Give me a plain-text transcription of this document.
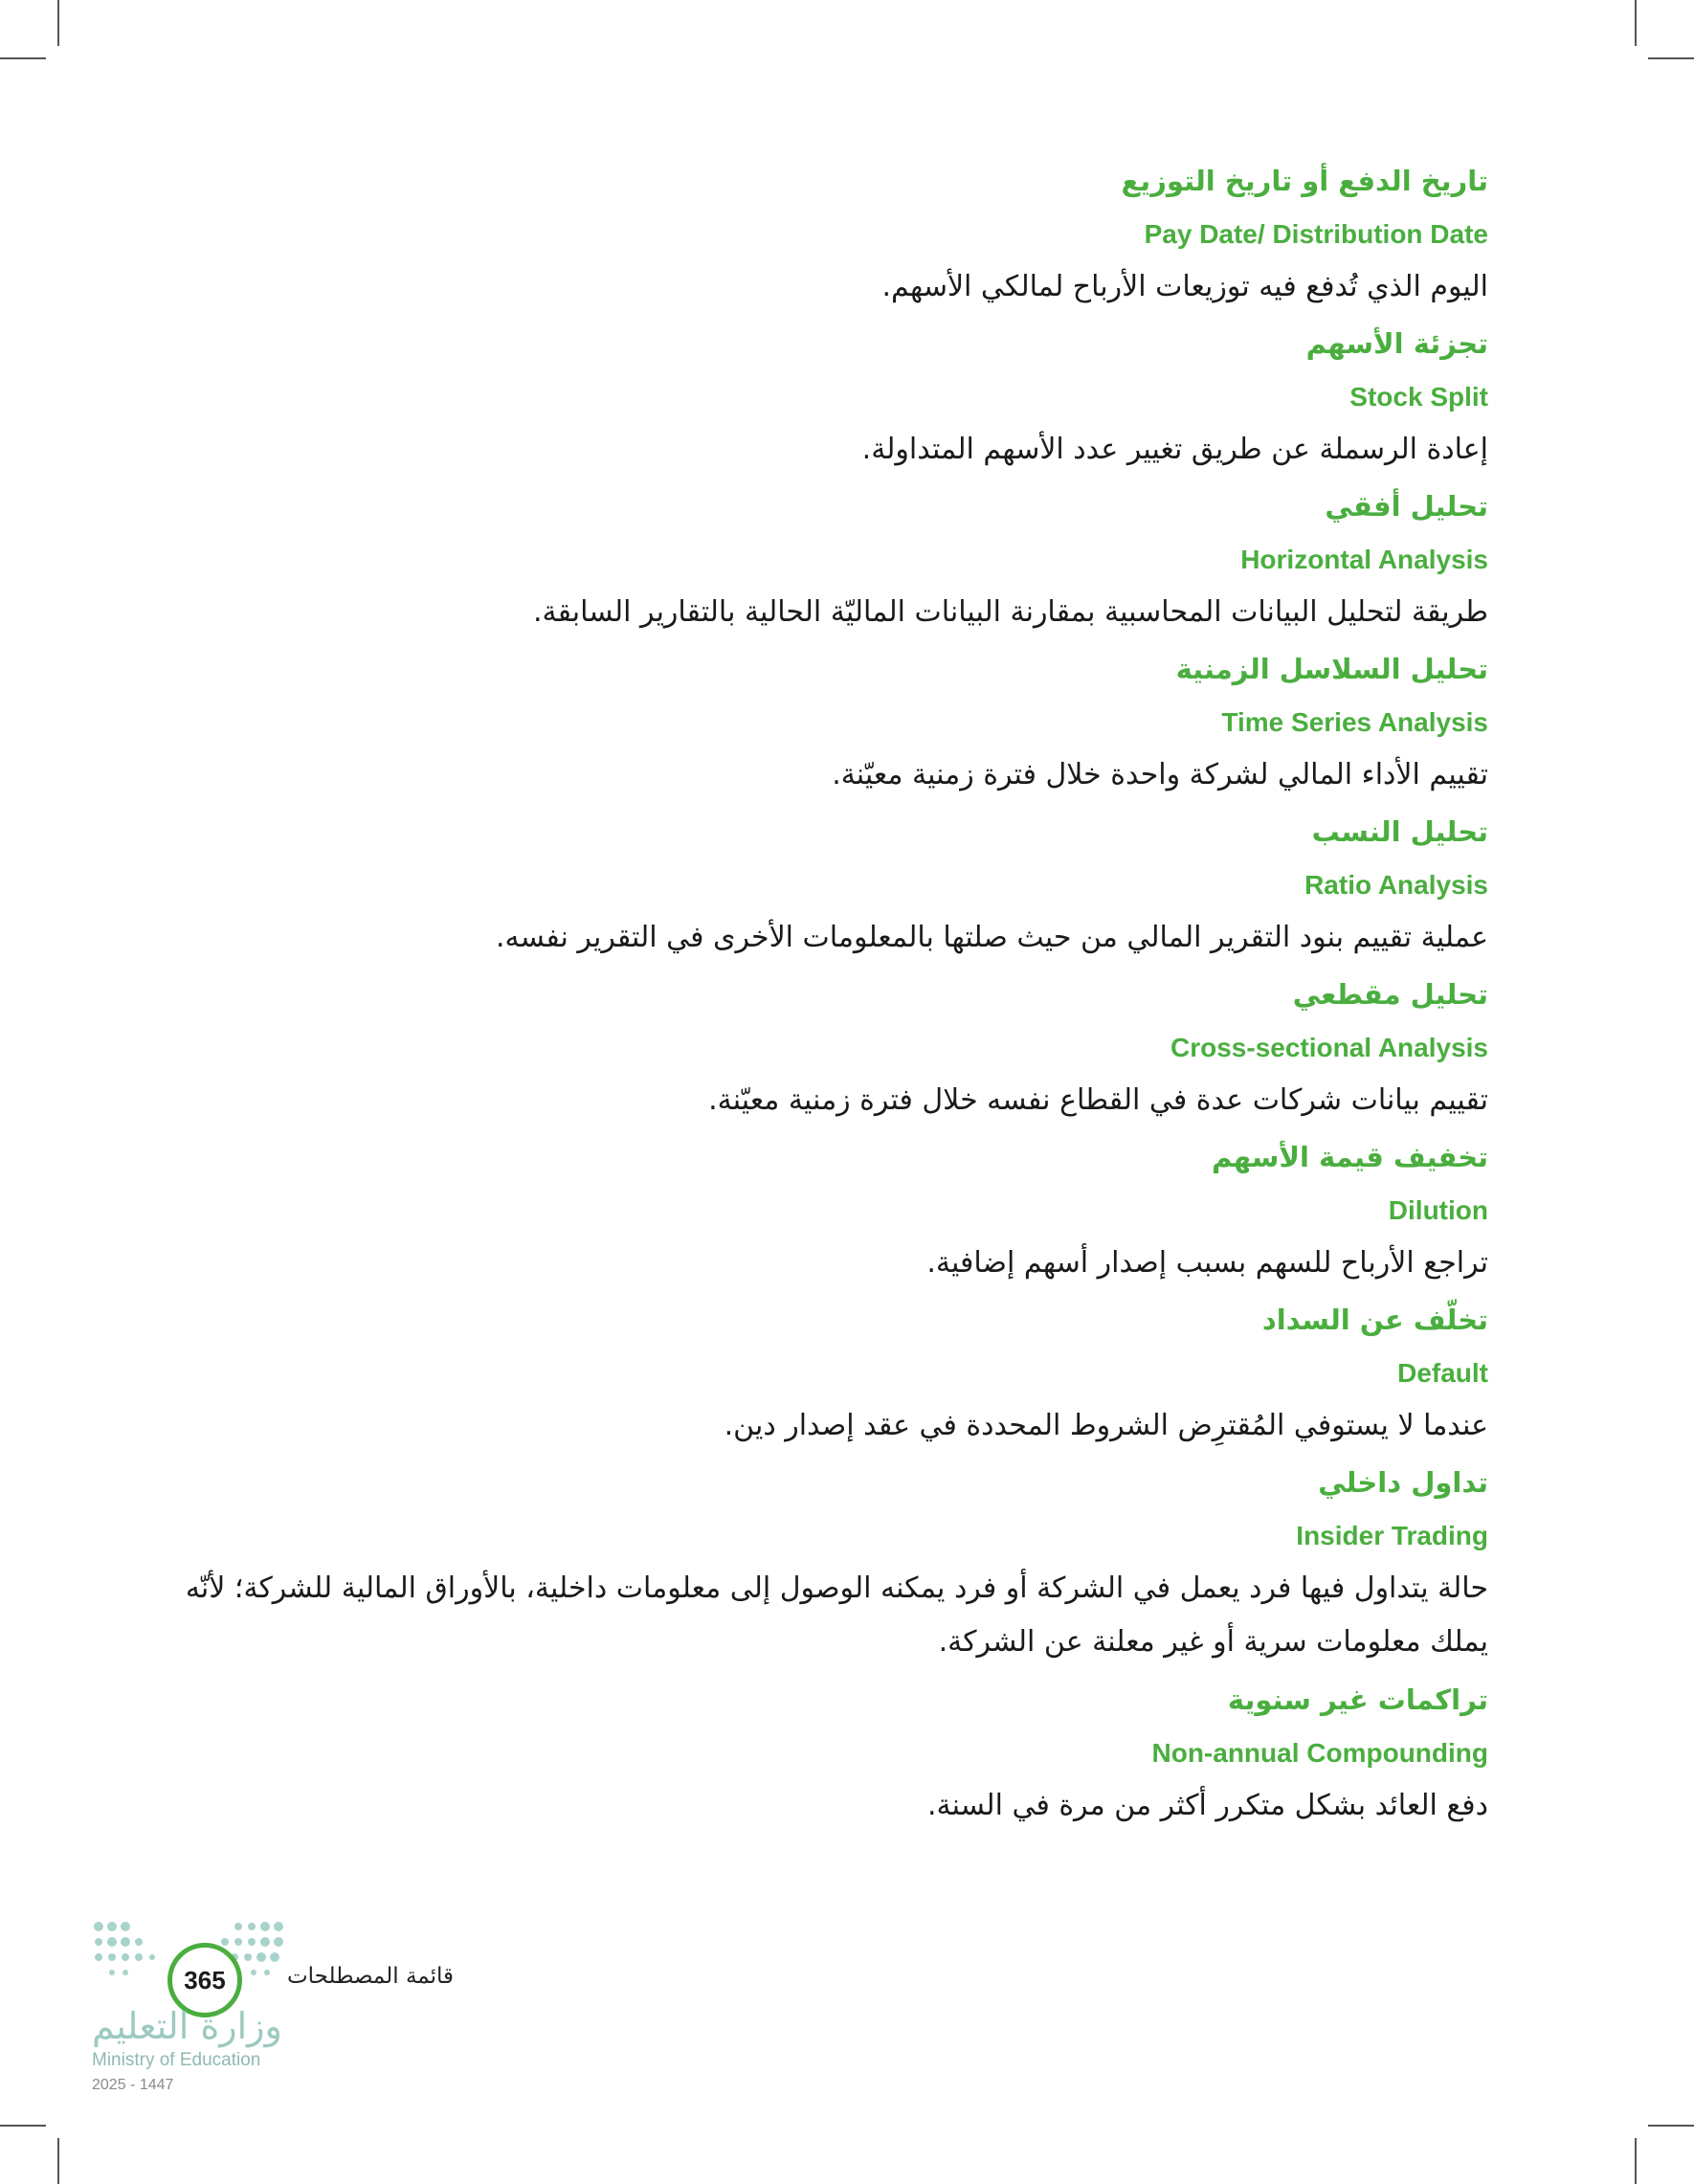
تاريخ الدفع أو تاريخ التوزيع
Pay Date/ Distribution Date
اليوم الذي تُدفع فيه توزيعات الأرباح لمالكي الأسهم.
تجزئة الأسهم
Stock Split
إعادة الرسملة عن طريق تغيير عدد الأسهم المتداولة.
تحليل أفقي
Horizontal Analysis
طريقة لتحليل البيانات المحاسبية بمقارنة البيانات الماليّة الحالية بالتقارير السابقة.
تحليل السلاسل الزمنية
Time Series Analysis
تقييم الأداء المالي لشركة واحدة خلال فترة زمنية معيّنة.
تحليل النسب
Ratio Analysis
عملية تقييم بنود التقرير المالي من حيث صلتها بالمعلومات الأخرى في التقرير نفسه.
تحليل مقطعي
Cross-sectional Analysis
تقييم بيانات شركات عدة في القطاع نفسه خلال فترة زمنية معيّنة.
تخفيف قيمة الأسهم
Dilution
تراجع الأرباح للسهم بسبب إصدار أسهم إضافية.
تخلّف عن السداد
Default
عندما لا يستوفي المُقترِض الشروط المحددة في عقد إصدار دين.
تداول داخلي
Insider Trading
حالة يتداول فيها فرد يعمل في الشركة أو فرد يمكنه الوصول إلى معلومات داخلية، بالأوراق المالية للشركة؛ لأنّه يملك معلومات سرية أو غير معلنة عن الشركة.
تراكمات غير سنوية
Non-annual Compounding
دفع العائد بشكل متكرر أكثر من مرة في السنة.
365	قائمة المصطلحات
وزارة التعليم
Ministry of Education
2025 - 1447
